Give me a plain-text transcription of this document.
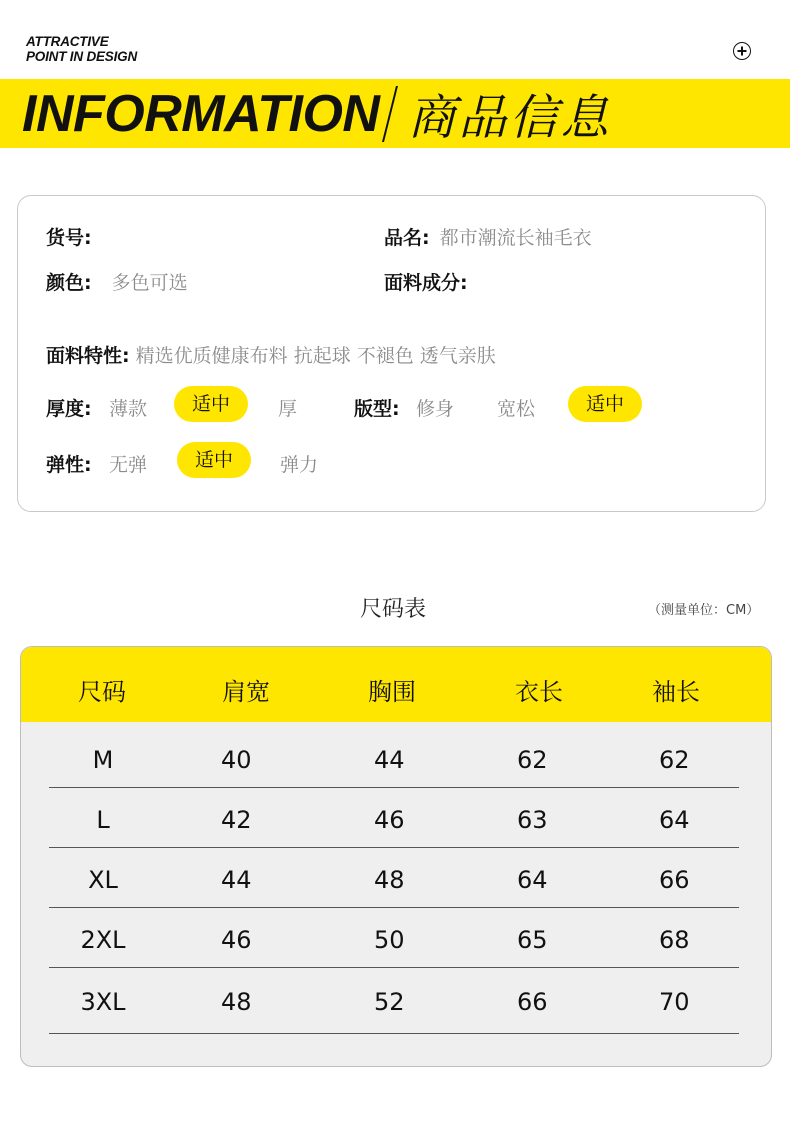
ATTRACTIVE
POINT IN DESIGN
INFORMATION 商品信息
货号:	品名: 都市潮流长袖毛衣
颜色: 多色可选	面料成分:
面料特性: 精选优质健康布料 抗起球 不褪色 透气亲肤
厚度: 薄款	适中	厚	版型: 修身 宽松	适中
弹性: 无弹	适中	弹力
尺码表	（测量单位：CM）
尺码	肩宽	胸围	衣长	袖长
M	40	44	62	62
L	42	46	63	64
XL	44	48	64	66
2XL	46	50	65	68
3XL	48	52	66	70
